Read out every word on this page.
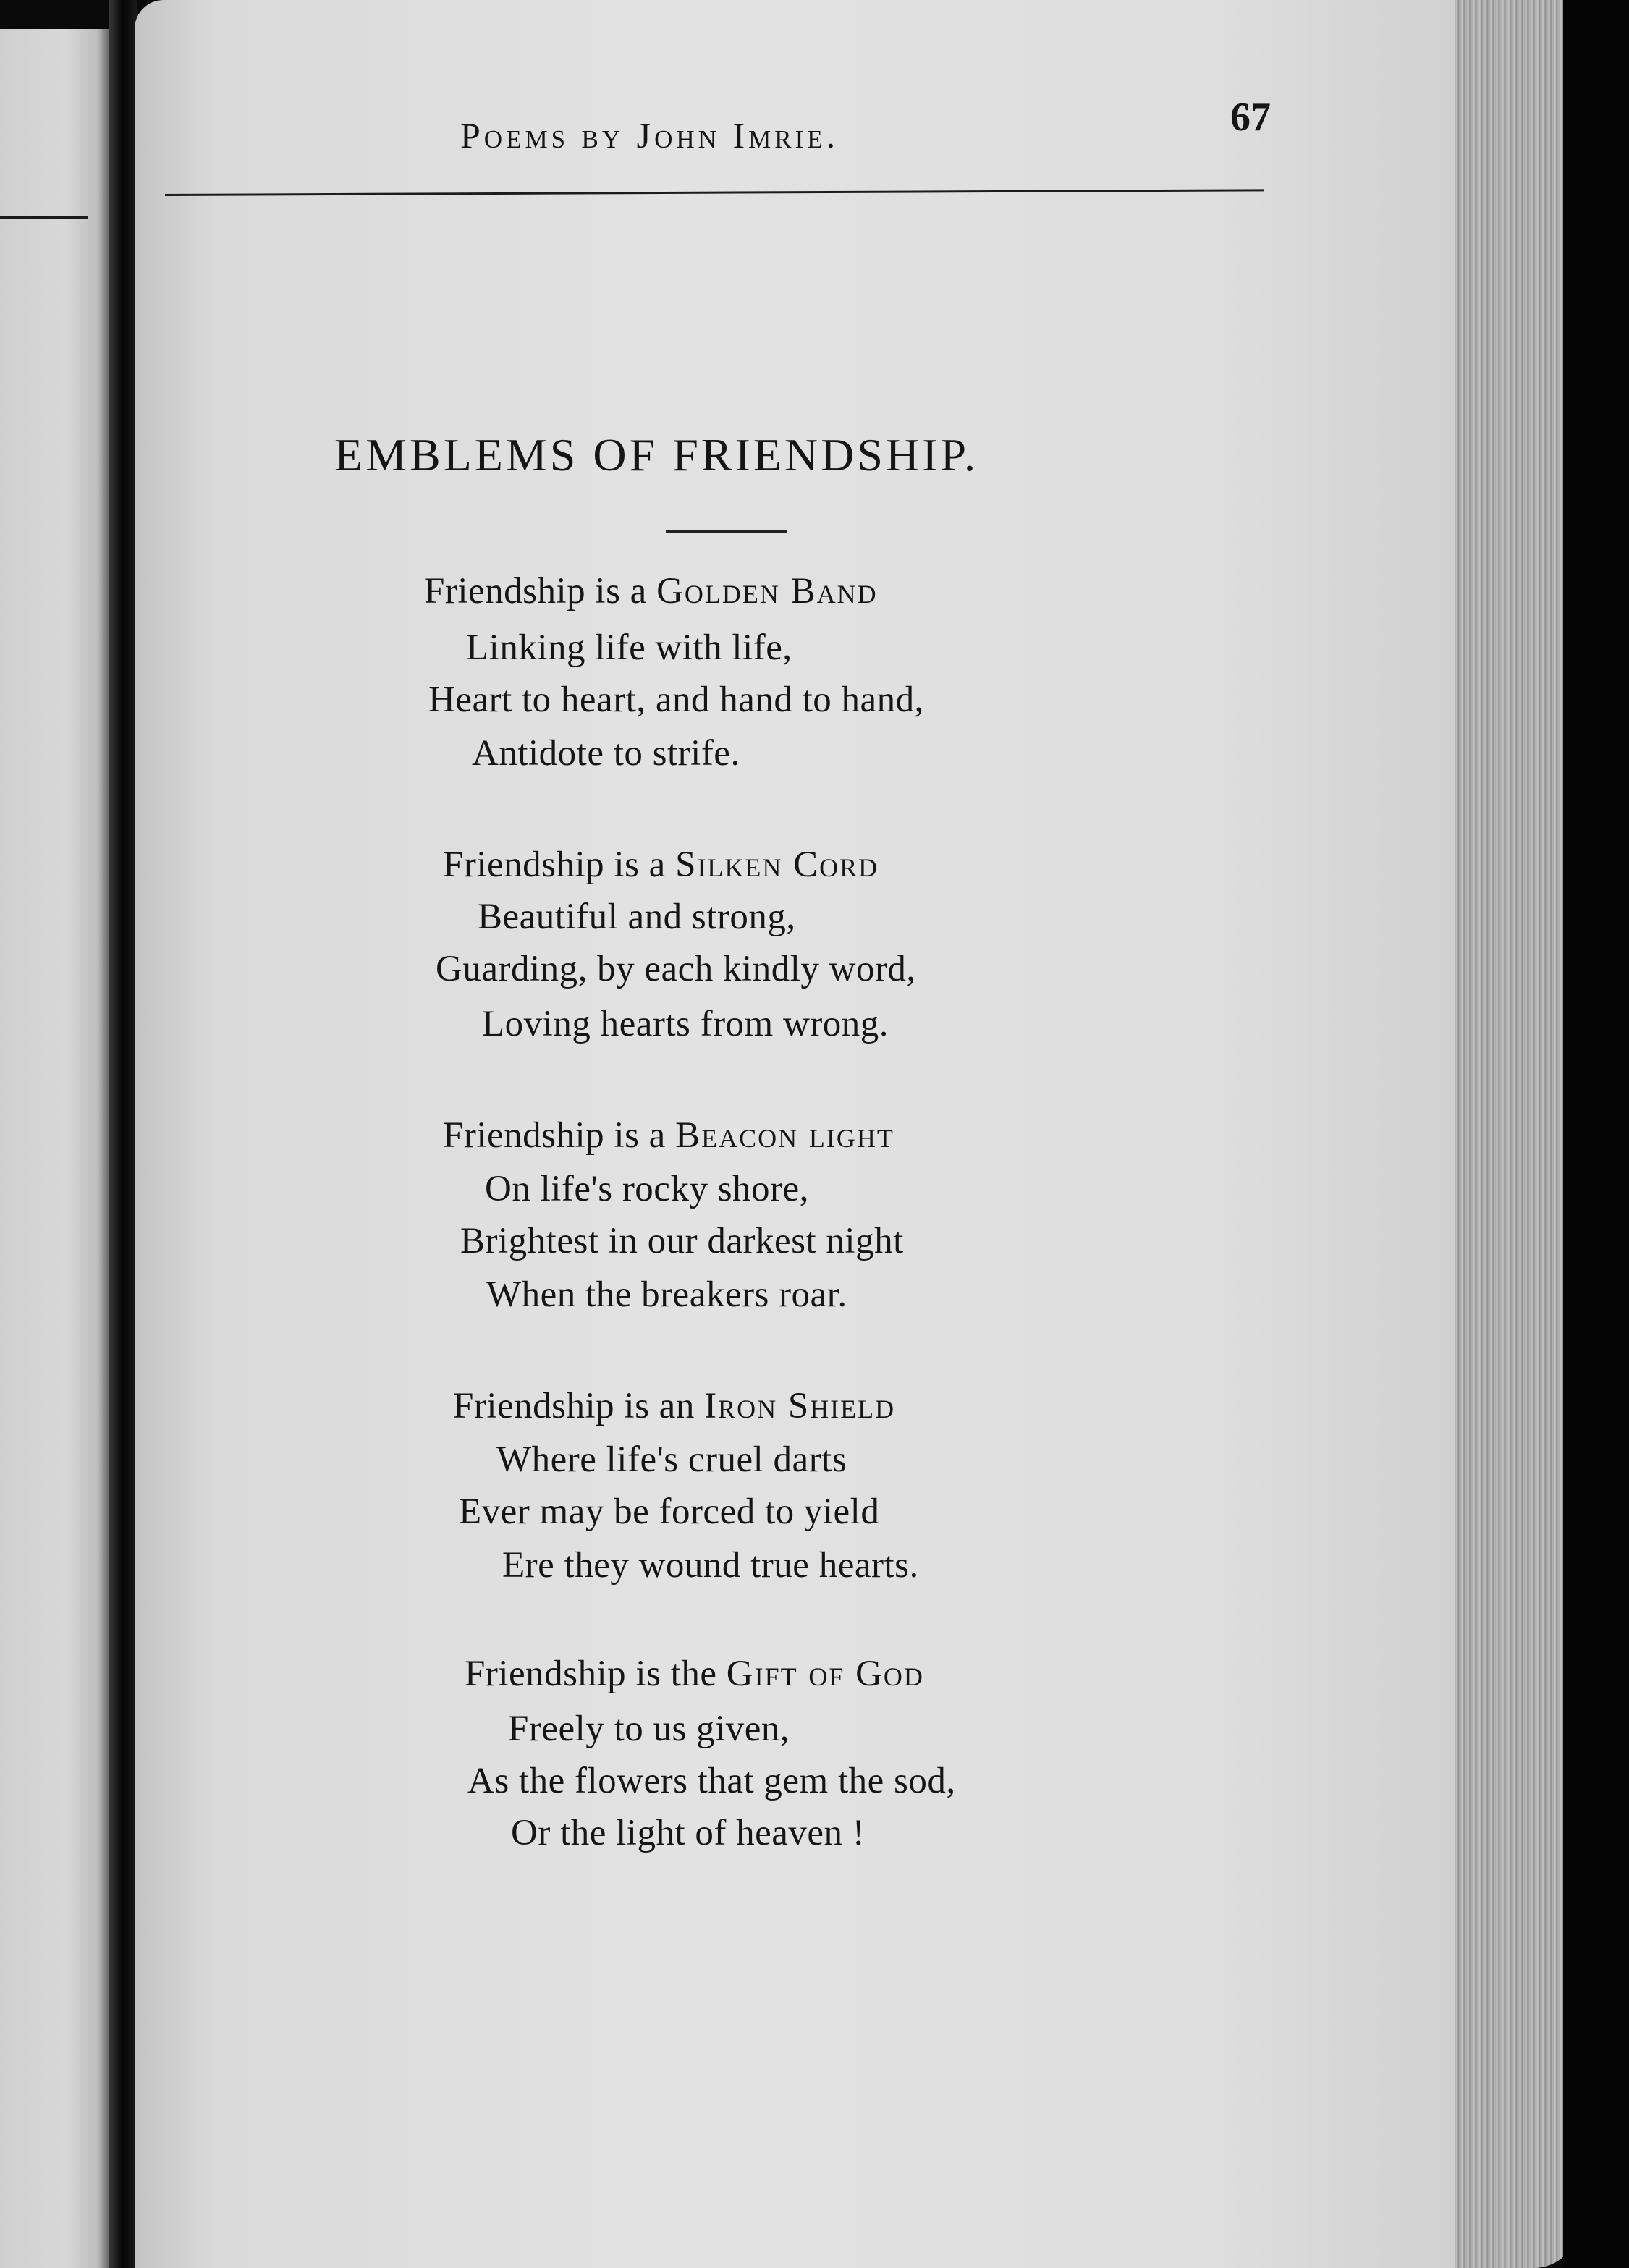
Poems by John Imrie.	67
EMBLEMS OF FRIENDSHIP.
Friendship is a Golden Band
Linking life with life,
Heart to heart, and hand to hand,
Antidote to strife.
Friendship is a Silken Cord
Beautiful and strong,
Guarding, by each kindly word,
Loving hearts from wrong.
Friendship is a Beacon light
On life's rocky shore,
Brightest in our darkest night
When the breakers roar.
Friendship is an Iron Shield
Where life's cruel darts
Ever may be forced to yield
Ere they wound true hearts.
Friendship is the Gift of God
Freely to us given,
As the flowers that gem the sod,
Or the light of heaven !
